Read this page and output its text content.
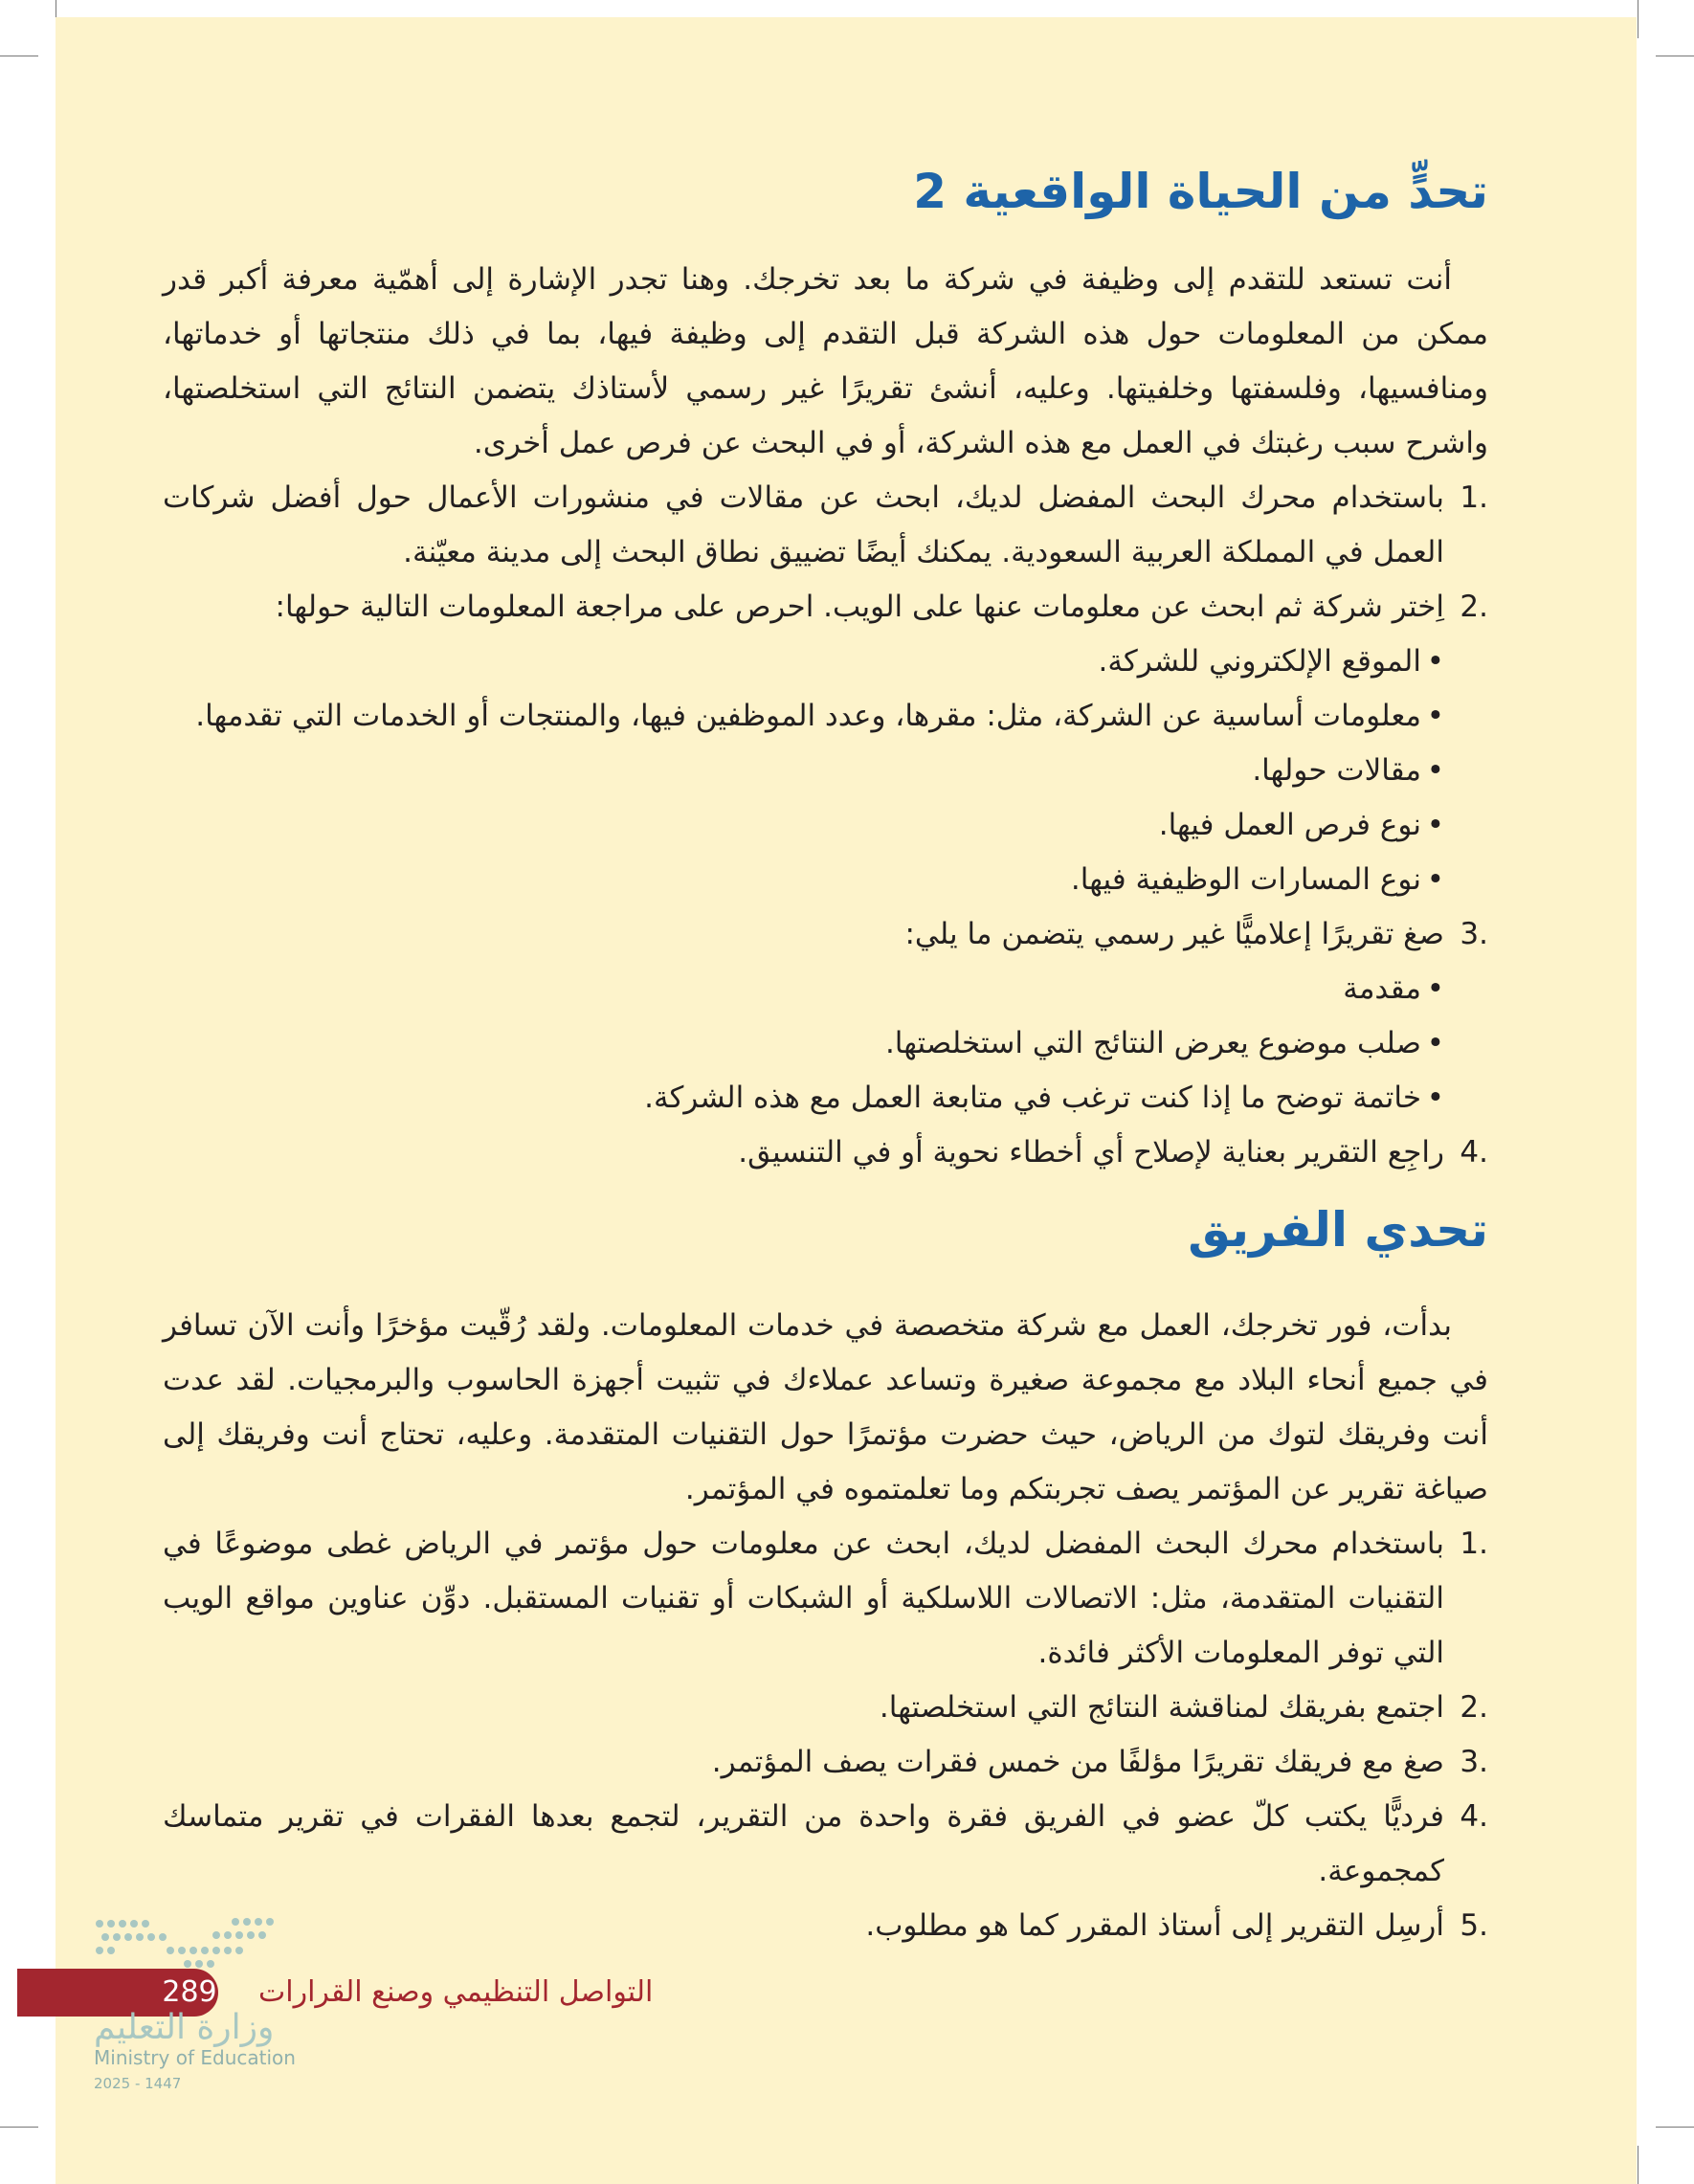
تحدٍّ من الحياة الواقعية 2

أنت تستعد للتقدم إلى وظيفة في شركة ما بعد تخرجك. وهنا تجدر الإشارة إلى أهمّية معرفة أكبر قدر ممكن من المعلومات حول هذه الشركة قبل التقدم إلى وظيفة فيها، بما في ذلك منتجاتها أو خدماتها، ومنافسيها، وفلسفتها وخلفيتها. وعليه، أنشئ تقريرًا غير رسمي لأستاذك يتضمن النتائج التي استخلصتها، واشرح سبب رغبتك في العمل مع هذه الشركة، أو في البحث عن فرص عمل أخرى.

1.
باستخدام محرك البحث المفضل لديك، ابحث عن مقالات في منشورات الأعمال حول أفضل شركات العمل في المملكة العربية السعودية. يمكنك أيضًا تضييق نطاق البحث إلى مدينة معيّنة.
2.
اِختر شركة ثم ابحث عن معلومات عنها على الويب. احرص على مراجعة المعلومات التالية حولها:
• الموقع الإلكتروني للشركة.
• معلومات أساسية عن الشركة، مثل: مقرها، وعدد الموظفين فيها، والمنتجات أو الخدمات التي تقدمها.
• مقالات حولها.
• نوع فرص العمل فيها.
• نوع المسارات الوظيفية فيها.
3.
صغ تقريرًا إعلاميًّا غير رسمي يتضمن ما يلي:
• مقدمة
• صلب موضوع يعرض النتائج التي استخلصتها.
• خاتمة توضح ما إذا كنت ترغب في متابعة العمل مع هذه الشركة.
4.
راجِع التقرير بعناية لإصلاح أي أخطاء نحوية أو في التنسيق.
تحدي الفريق

بدأت، فور تخرجك، العمل مع شركة متخصصة في خدمات المعلومات. ولقد رُقّيت مؤخرًا وأنت الآن تسافر في جميع أنحاء البلاد مع مجموعة صغيرة وتساعد عملاءك في تثبيت أجهزة الحاسوب والبرمجيات. لقد عدت أنت وفريقك لتوك من الرياض، حيث حضرت مؤتمرًا حول التقنيات المتقدمة. وعليه، تحتاج أنت وفريقك إلى صياغة تقرير عن المؤتمر يصف تجربتكم وما تعلمتموه في المؤتمر.

1.
باستخدام محرك البحث المفضل لديك، ابحث عن معلومات حول مؤتمر في الرياض غطى موضوعًا في التقنيات المتقدمة، مثل: الاتصالات اللاسلكية أو الشبكات أو تقنيات المستقبل. دوِّن عناوين مواقع الويب التي توفر المعلومات الأكثر فائدة.
2.
اجتمع بفريقك لمناقشة النتائج التي استخلصتها.
3.
صغ مع فريقك تقريرًا مؤلفًا من خمس فقرات يصف المؤتمر.
4.
فرديًّا يكتب كلّ عضو في الفريق فقرة واحدة من التقرير، لتجمع بعدها الفقرات في تقرير متماسك كمجموعة.
5.
أرسِل التقرير إلى أستاذ المقرر كما هو مطلوب.
289	التواصل التنظيمي وصنع القرارات
وزارة التعليم
Ministry of Education
2025 - 1447
